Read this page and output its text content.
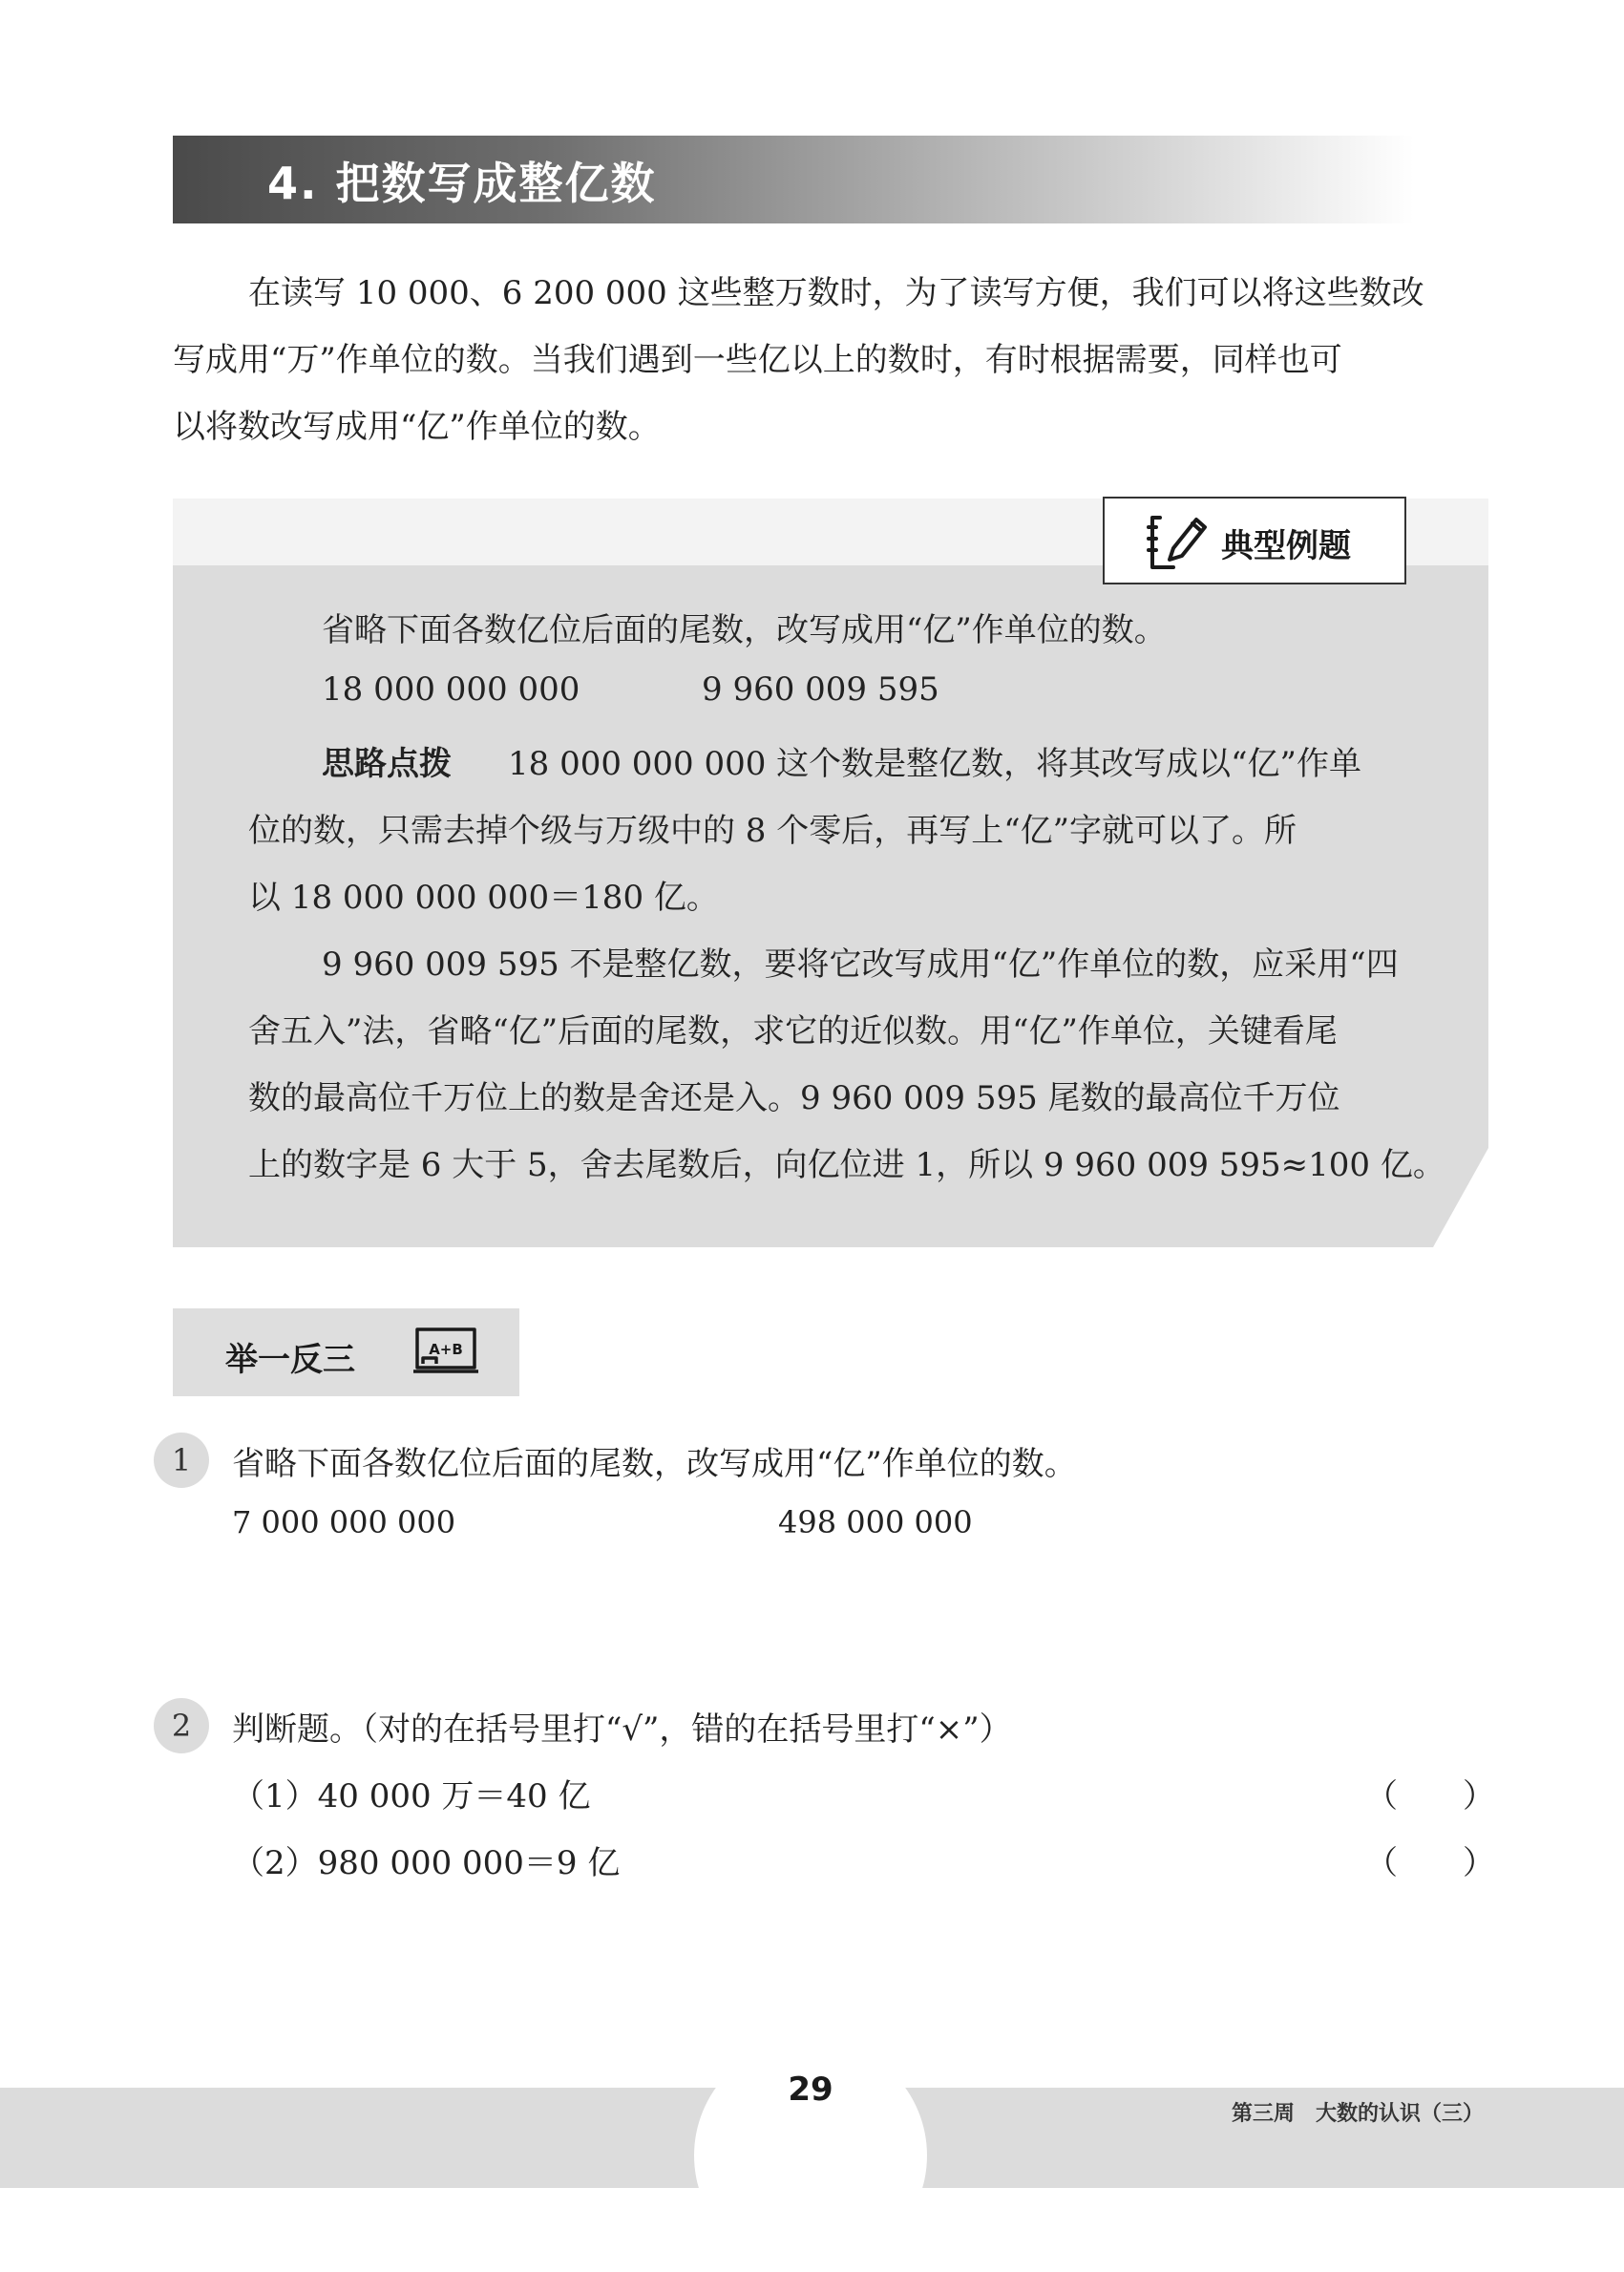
4. 把数写成整亿数
在读写 10 000、6 200 000 这些整万数时，为了读写方便，我们可以将这些数改
写成用“万”作单位的数。当我们遇到一些亿以上的数时，有时根据需要，同样也可
以将数改写成用“亿”作单位的数。
典型例题
省略下面各数亿位后面的尾数，改写成用“亿”作单位的数。
18 000 000 000	9 960 009 595
思路点拨 18 000 000 000 这个数是整亿数，将其改写成以“亿”作单
位的数，只需去掉个级与万级中的 8 个零后，再写上“亿”字就可以了。所
以 18 000 000 000＝180 亿。
9 960 009 595 不是整亿数，要将它改写成用“亿”作单位的数，应采用“四
舍五入”法，省略“亿”后面的尾数，求它的近似数。用“亿”作单位，关键看尾
数的最高位千万位上的数是舍还是入。9 960 009 595 尾数的最高位千万位
上的数字是 6 大于 5，舍去尾数后，向亿位进 1，所以 9 960 009 595≈100 亿。
举一反三	A+B
1	省略下面各数亿位后面的尾数，改写成用“亿”作单位的数。
7 000 000 000	498 000 000
2	判断题。（对的在括号里打“√”，错的在括号里打“×”）
（1）40 000 万＝40 亿	（　　）
（2）980 000 000＝9 亿	（　　）
29
第三周　大数的认识（三）
